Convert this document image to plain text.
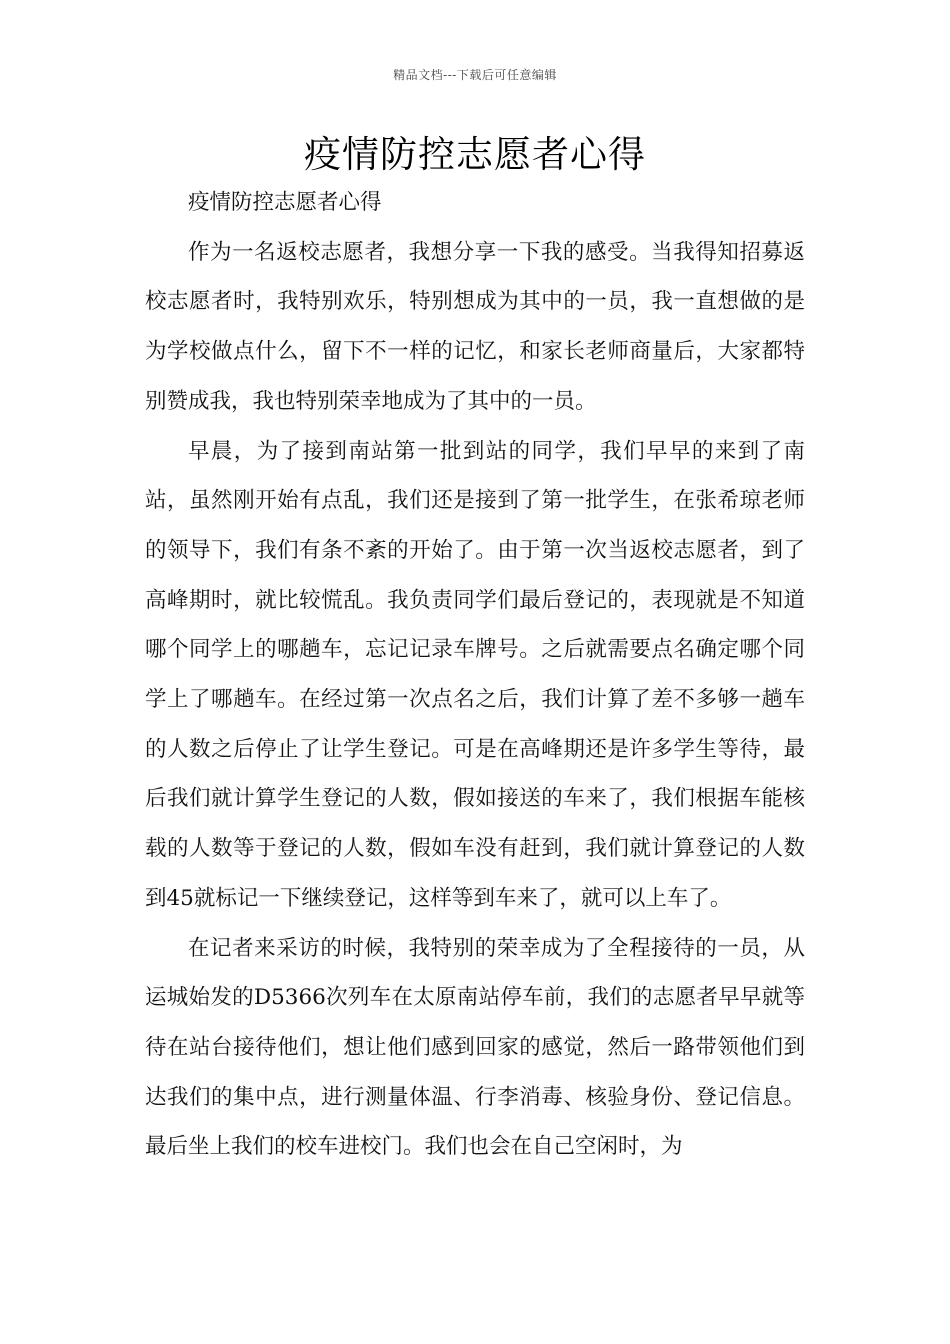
精品文档---下载后可任意编辑
疫情防控志愿者心得

疫情防控志愿者心得

作为一名返校志愿者，我想分享一下我的感受。当我得知招募返校志愿者时，我特别欢乐，特别想成为其中的一员，我一直想做的是为学校做点什么，留下不一样的记忆，和家长老师商量后，大家都特别赞成我，我也特别荣幸地成为了其中的一员。

早晨，为了接到南站第一批到站的同学，我们早早的来到了南站，虽然刚开始有点乱，我们还是接到了第一批学生，在张希琼老师的领导下，我们有条不紊的开始了。由于第一次当返校志愿者，到了高峰期时，就比较慌乱。我负责同学们最后登记的，表现就是不知道哪个同学上的哪趟车，忘记记录车牌号。之后就需要点名确定哪个同学上了哪趟车。在经过第一次点名之后，我们计算了差不多够一趟车的人数之后停止了让学生登记。可是在高峰期还是许多学生等待，最后我们就计算学生登记的人数，假如接送的车来了，我们根据车能核载的人数等于登记的人数，假如车没有赶到，我们就计算登记的人数到45就标记一下继续登记，这样等到车来了，就可以上车了。

在记者来采访的时候，我特别的荣幸成为了全程接待的一员，从运城始发的D5366次列车在太原南站停车前，我们的志愿者早早就等待在站台接待他们，想让他们感到回家的感觉，然后一路带领他们到达我们的集中点，进行测量体温、行李消毒、核验身份、登记信息。最后坐上我们的校车进校门。我们也会在自己空闲时，为
